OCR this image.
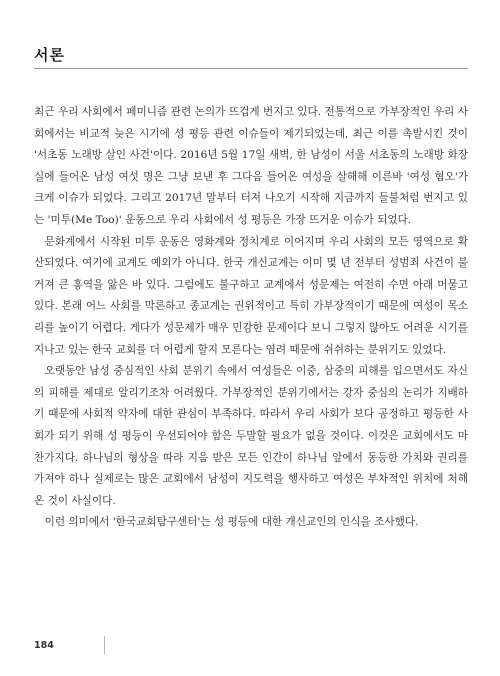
서론

최근 우리 사회에서 페미니즘 관련 논의가 뜨겁게 번지고 있다. 전통적으로 가부장적인 우리 사회에서는 비교적 늦은 시기에 성 평등 관련 이슈들이 제기되었는데, 최근 이를 촉발시킨 것이 '서초동 노래방 살인 사건'이다. 2016년 5월 17일 새벽, 한 남성이 서울 서초동의 노래방 화장실에 들어온 남성 여섯 명은 그냥 보낸 후 그다음 들어온 여성을 살해해 이른바 '여성 혐오'가 크게 이슈가 되었다. 그리고 2017년 말부터 터져 나오기 시작해 지금까지 들불처럼 번지고 있는 '미투(Me Too)' 운동으로 우리 사회에서 성 평등은 가장 뜨거운 이슈가 되었다.

문화계에서 시작된 미투 운동은 영화계와 정치계로 이어지며 우리 사회의 모든 영역으로 확산되었다. 여기에 교계도 예외가 아니다. 한국 개신교계는 이미 몇 년 전부터 성범죄 사건이 불거져 큰 홍역을 앓은 바 있다. 그럼에도 불구하고 교계에서 성문제는 여전히 수면 아래 머물고 있다. 본래 어느 사회를 막론하고 종교계는 권위적이고 특히 가부장적이기 때문에 여성이 목소리를 높이기 어렵다. 게다가 성문제가 매우 민감한 문제이다 보니 그렇지 않아도 어려운 시기를 지나고 있는 한국 교회를 더 어렵게 할지 모른다는 염려 때문에 쉬쉬하는 분위기도 있었다.

오랫동안 남성 중심적인 사회 분위기 속에서 여성들은 이중, 삼중의 피해를 입으면서도 자신의 피해를 제대로 알리기조차 어려웠다. 가부장적인 분위기에서는 강자 중심의 논리가 지배하기 때문에 사회적 약자에 대한 관심이 부족하다. 따라서 우리 사회가 보다 공정하고 평등한 사회가 되기 위해 성 평등이 우선되어야 함은 두말할 필요가 없을 것이다. 이것은 교회에서도 마찬가지다. 하나님의 형상을 따라 지음 받은 모든 인간이 하나님 앞에서 동등한 가치와 권리를 가져야 하나 실제로는 많은 교회에서 남성이 지도력을 행사하고 여성은 부차적인 위치에 처해 온 것이 사실이다.

이런 의미에서 '한국교회탐구센터'는 성 평등에 대한 개신교인의 인식을 조사했다.

184
